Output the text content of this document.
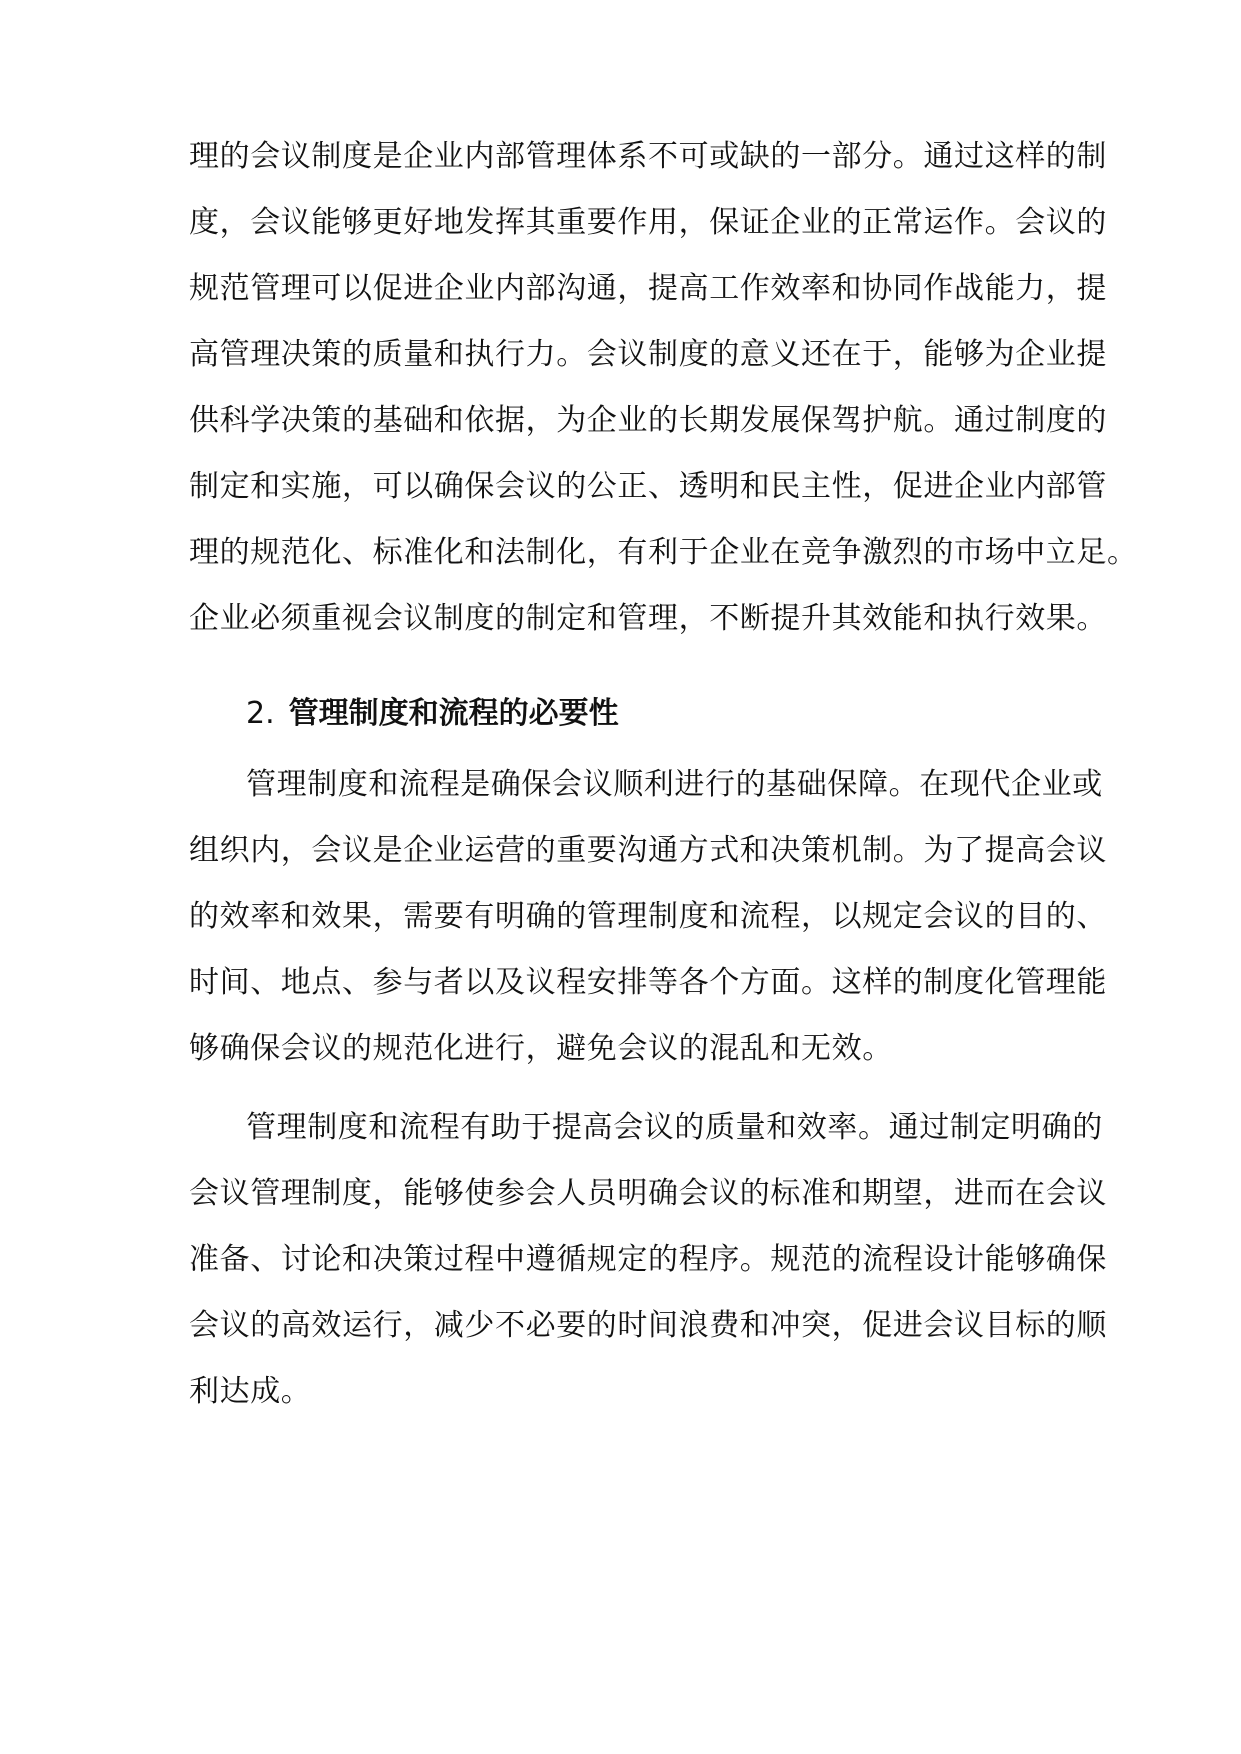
理的会议制度是企业内部管理体系不可或缺的一部分。通过这样的制
度，会议能够更好地发挥其重要作用，保证企业的正常运作。会议的
规范管理可以促进企业内部沟通，提高工作效率和协同作战能力，提
高管理决策的质量和执行力。会议制度的意义还在于，能够为企业提
供科学决策的基础和依据，为企业的长期发展保驾护航。通过制度的
制定和实施，可以确保会议的公正、透明和民主性，促进企业内部管
理的规范化、标准化和法制化，有利于企业在竞争激烈的市场中立足。
企业必须重视会议制度的制定和管理，不断提升其效能和执行效果。
2. 管理制度和流程的必要性
管理制度和流程是确保会议顺利进行的基础保障。在现代企业或
组织内，会议是企业运营的重要沟通方式和决策机制。为了提高会议
的效率和效果，需要有明确的管理制度和流程，以规定会议的目的、
时间、地点、参与者以及议程安排等各个方面。这样的制度化管理能
够确保会议的规范化进行，避免会议的混乱和无效。
管理制度和流程有助于提高会议的质量和效率。通过制定明确的
会议管理制度，能够使参会人员明确会议的标准和期望，进而在会议
准备、讨论和决策过程中遵循规定的程序。规范的流程设计能够确保
会议的高效运行，减少不必要的时间浪费和冲突，促进会议目标的顺
利达成。
